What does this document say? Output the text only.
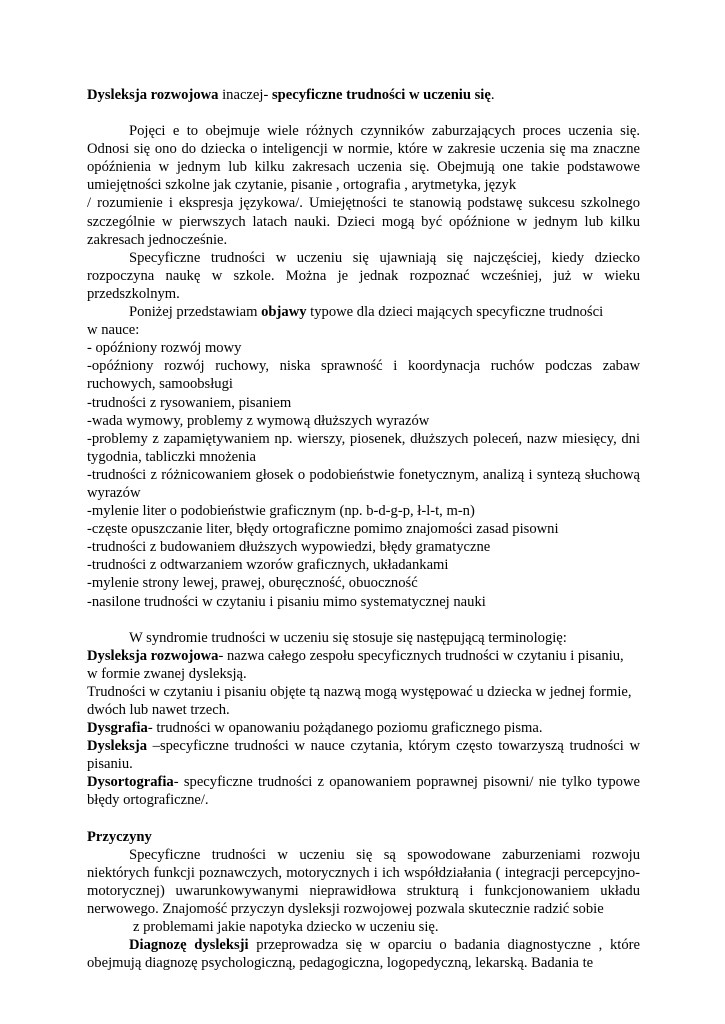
Dysleksja rozwojowa inaczej- specyficzne trudności w uczeniu się.

Pojęci e to obejmuje wiele różnych czynników zaburzających proces uczenia się. Odnosi się ono do dziecka o inteligencji w normie, które w zakresie uczenia się ma znaczne opóźnienia w jednym lub kilku zakresach uczenia się. Obejmują one takie podstawowe umiejętności szkolne jak czytanie, pisanie , ortografia , arytmetyka, język

/ rozumienie i ekspresja językowa/. Umiejętności te stanowią podstawę sukcesu szkolnego szczególnie w pierwszych latach nauki. Dzieci mogą być opóźnione w jednym lub kilku zakresach jednocześnie.

Specyficzne trudności w uczeniu się ujawniają się najczęściej, kiedy dziecko rozpoczyna naukę w szkole. Można je jednak rozpoznać wcześniej, już w wieku przedszkolnym.

Poniżej przedstawiam objawy typowe dla dzieci mających specyficzne trudności

w nauce:

- opóźniony rozwój mowy

-opóźniony rozwój ruchowy, niska sprawność i koordynacja ruchów podczas zabaw ruchowych, samoobsługi

-trudności z rysowaniem, pisaniem

-wada wymowy, problemy z wymową dłuższych wyrazów

-problemy z zapamiętywaniem np. wierszy, piosenek, dłuższych poleceń, nazw miesięcy, dni tygodnia, tabliczki mnożenia

-trudności z różnicowaniem głosek o podobieństwie fonetycznym, analizą i syntezą słuchową wyrazów

-mylenie liter o podobieństwie graficznym (np. b-d-g-p, ł-l-t, m-n)

-częste opuszczanie liter, błędy ortograficzne pomimo znajomości zasad pisowni

-trudności z budowaniem dłuższych wypowiedzi, błędy gramatyczne

-trudności z odtwarzaniem wzorów graficznych, układankami

-mylenie strony lewej, prawej, oburęczność, obuoczność

-nasilone trudności w czytaniu i pisaniu mimo systematycznej nauki

W syndromie trudności w uczeniu się stosuje się następującą terminologię:

Dysleksja rozwojowa- nazwa całego zespołu specyficznych trudności w czytaniu i pisaniu,

w formie zwanej dysleksją.

Trudności w czytaniu i pisaniu objęte tą nazwą mogą występować u dziecka w jednej formie, dwóch lub nawet trzech.

Dysgrafia- trudności w opanowaniu pożądanego poziomu graficznego pisma.

Dysleksja –specyficzne trudności w nauce czytania, którym często towarzyszą trudności w pisaniu.

Dysortografia- specyficzne trudności z opanowaniem poprawnej pisowni/ nie tylko typowe błędy ortograficzne/.

Przyczyny

Specyficzne trudności w uczeniu się są spowodowane zaburzeniami rozwoju niektórych funkcji poznawczych, motorycznych i ich współdziałania ( integracji percepcyjno-motorycznej) uwarunkowywanymi nieprawidłowa strukturą i funkcjonowaniem układu nerwowego. Znajomość przyczyn dysleksji rozwojowej pozwala skutecznie radzić sobie

z problemami jakie napotyka dziecko w uczeniu się.

Diagnozę dysleksji przeprowadza się w oparciu o badania diagnostyczne , które obejmują diagnozę psychologiczną, pedagogiczna, logopedyczną, lekarską. Badania te
